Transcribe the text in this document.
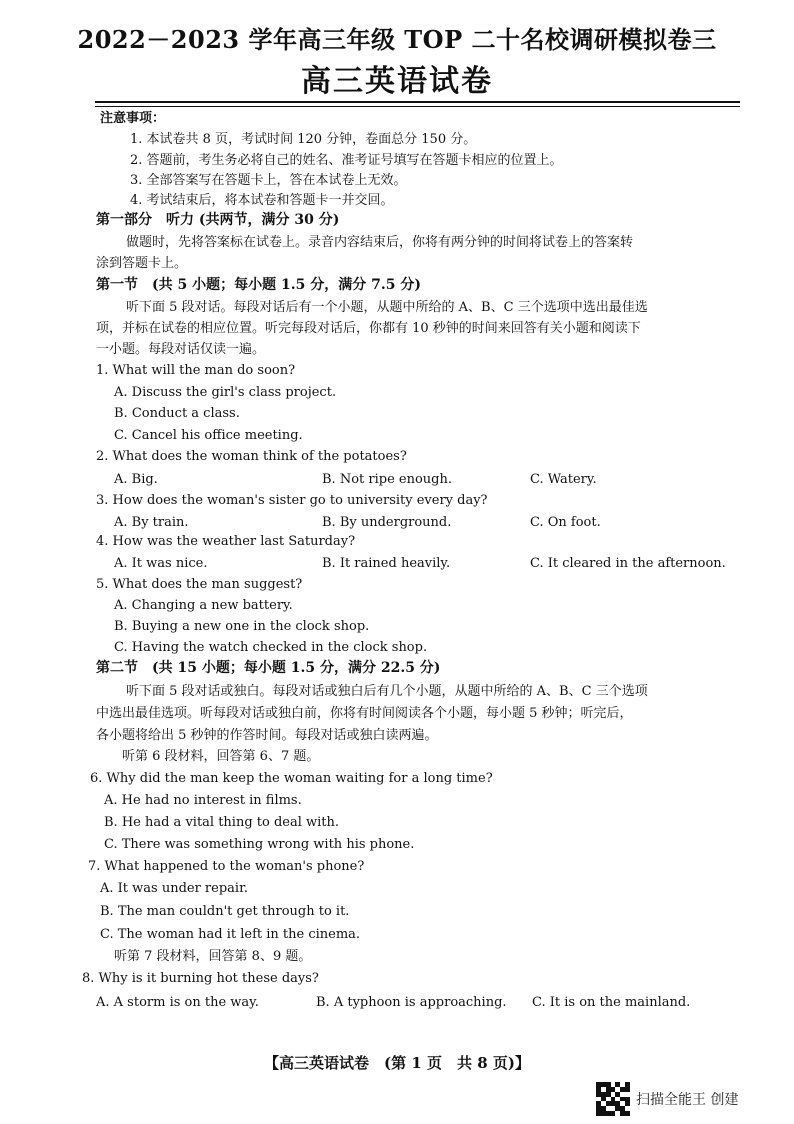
2022－2023 学年高三年级 TOP 二十名校调研模拟卷三
高三英语试卷
注意事项：
1. 本试卷共 8 页，考试时间 120 分钟，卷面总分 150 分。
2. 答题前，考生务必将自己的姓名、准考证号填写在答题卡相应的位置上。
3. 全部答案写在答题卡上，答在本试卷上无效。
4. 考试结束后，将本试卷和答题卡一并交回。
第一部分　听力 (共两节，满分 30 分)
做题时，先将答案标在试卷上。录音内容结束后，你将有两分钟的时间将试卷上的答案转
涂到答题卡上。
第一节　(共 5 小题；每小题 1.5 分，满分 7.5 分)
听下面 5 段对话。每段对话后有一个小题，从题中所给的 A、B、C 三个选项中选出最佳选
项，并标在试卷的相应位置。听完每段对话后，你都有 10 秒钟的时间来回答有关小题和阅读下
一小题。每段对话仅读一遍。
1. What will the man do soon?
A. Discuss the girl's class project.
B. Conduct a class.
C. Cancel his office meeting.
2. What does the woman think of the potatoes?
A. Big.	B. Not ripe enough.	C. Watery.
3. How does the woman's sister go to university every day?
A. By train.	B. By underground.	C. On foot.
4. How was the weather last Saturday?
A. It was nice.	B. It rained heavily.	C. It cleared in the afternoon.
5. What does the man suggest?
A. Changing a new battery.
B. Buying a new one in the clock shop.
C. Having the watch checked in the clock shop.
第二节　(共 15 小题；每小题 1.5 分，满分 22.5 分)
听下面 5 段对话或独白。每段对话或独白后有几个小题，从题中所给的 A、B、C 三个选项
中选出最佳选项。听每段对话或独白前，你将有时间阅读各个小题，每小题 5 秒钟；听完后，
各小题将给出 5 秒钟的作答时间。每段对话或独白读两遍。
听第 6 段材料，回答第 6、7 题。
6. Why did the man keep the woman waiting for a long time?
A. He had no interest in films.
B. He had a vital thing to deal with.
C. There was something wrong with his phone.
7. What happened to the woman's phone?
A. It was under repair.
B. The man couldn't get through to it.
C. The woman had it left in the cinema.
听第 7 段材料，回答第 8、9 题。
8. Why is it burning hot these days?
A. A storm is on the way.	B. A typhoon is approaching. C. It is on the mainland.
【高三英语试卷　(第 1 页　共 8 页)】
扫描全能王 创建
